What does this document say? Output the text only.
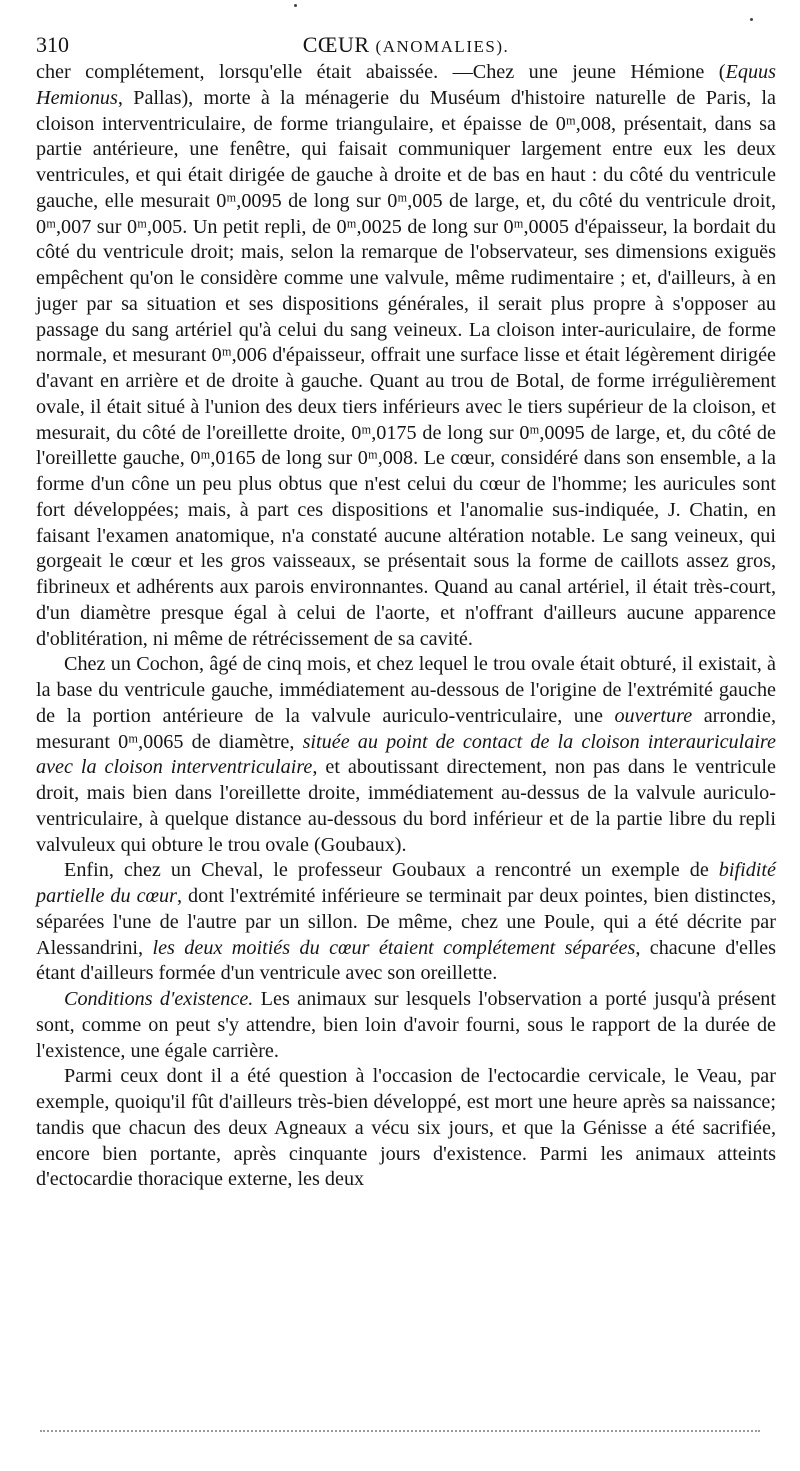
310	CŒUR (ANOMALIES).

cher complétement, lorsqu'elle était abaissée. —Chez une jeune Hémione (Equus Hemionus, Pallas), morte à la ménagerie du Muséum d'histoire naturelle de Paris, la cloison interventriculaire, de forme triangulaire, et épaisse de 0ᵐ,008, présentait, dans sa partie antérieure, une fenêtre, qui faisait communiquer largement entre eux les deux ventricules, et qui était dirigée de gauche à droite et de bas en haut : du côté du ventricule gauche, elle mesurait 0ᵐ,0095 de long sur 0ᵐ,005 de large, et, du côté du ventricule droit, 0ᵐ,007 sur 0ᵐ,005. Un petit repli, de 0ᵐ,0025 de long sur 0ᵐ,0005 d'épaisseur, la bordait du côté du ventricule droit; mais, selon la remarque de l'observateur, ses dimensions exiguës empêchent qu'on le considère comme une valvule, même rudimentaire ; et, d'ailleurs, à en juger par sa situation et ses dispositions générales, il serait plus propre à s'opposer au passage du sang artériel qu'à celui du sang veineux. La cloison inter-auriculaire, de forme normale, et mesurant 0ᵐ,006 d'épaisseur, offrait une surface lisse et était légèrement dirigée d'avant en arrière et de droite à gauche. Quant au trou de Botal, de forme irrégulièrement ovale, il était situé à l'union des deux tiers inférieurs avec le tiers supérieur de la cloison, et mesurait, du côté de l'oreillette droite, 0ᵐ,0175 de long sur 0ᵐ,0095 de large, et, du côté de l'oreillette gauche, 0ᵐ,0165 de long sur 0ᵐ,008. Le cœur, considéré dans son ensemble, a la forme d'un cône un peu plus obtus que n'est celui du cœur de l'homme; les auricules sont fort développées; mais, à part ces dispositions et l'anomalie sus-indiquée, J. Chatin, en faisant l'examen anatomique, n'a constaté aucune altération notable. Le sang veineux, qui gorgeait le cœur et les gros vaisseaux, se présentait sous la forme de caillots assez gros, fibrineux et adhérents aux parois environnantes. Quand au canal artériel, il était très-court, d'un diamètre presque égal à celui de l'aorte, et n'offrant d'ailleurs aucune apparence d'oblitération, ni même de rétrécissement de sa cavité.

Chez un Cochon, âgé de cinq mois, et chez lequel le trou ovale était obturé, il existait, à la base du ventricule gauche, immédiatement au-dessous de l'origine de l'extrémité gauche de la portion antérieure de la valvule auriculo-ventriculaire, une ouverture arrondie, mesurant 0ᵐ,0065 de diamètre, située au point de contact de la cloison interauriculaire avec la cloison interventriculaire, et aboutissant directement, non pas dans le ventricule droit, mais bien dans l'oreillette droite, immédiatement au-dessus de la valvule auriculo-ventriculaire, à quelque distance au-dessous du bord inférieur et de la partie libre du repli valvuleux qui obture le trou ovale (Goubaux).

Enfin, chez un Cheval, le professeur Goubaux a rencontré un exemple de bifidité partielle du cœur, dont l'extrémité inférieure se terminait par deux pointes, bien distinctes, séparées l'une de l'autre par un sillon. De même, chez une Poule, qui a été décrite par Alessandrini, les deux moitiés du cœur étaient complétement séparées, chacune d'elles étant d'ailleurs formée d'un ventricule avec son oreillette.

Conditions d'existence. Les animaux sur lesquels l'observation a porté jusqu'à présent sont, comme on peut s'y attendre, bien loin d'avoir fourni, sous le rapport de la durée de l'existence, une égale carrière.

Parmi ceux dont il a été question à l'occasion de l'ectocardie cervicale, le Veau, par exemple, quoiqu'il fût d'ailleurs très-bien développé, est mort une heure après sa naissance; tandis que chacun des deux Agneaux a vécu six jours, et que la Génisse a été sacrifiée, encore bien portante, après cinquante jours d'existence. Parmi les animaux atteints d'ectocardie thoracique externe, les deux
